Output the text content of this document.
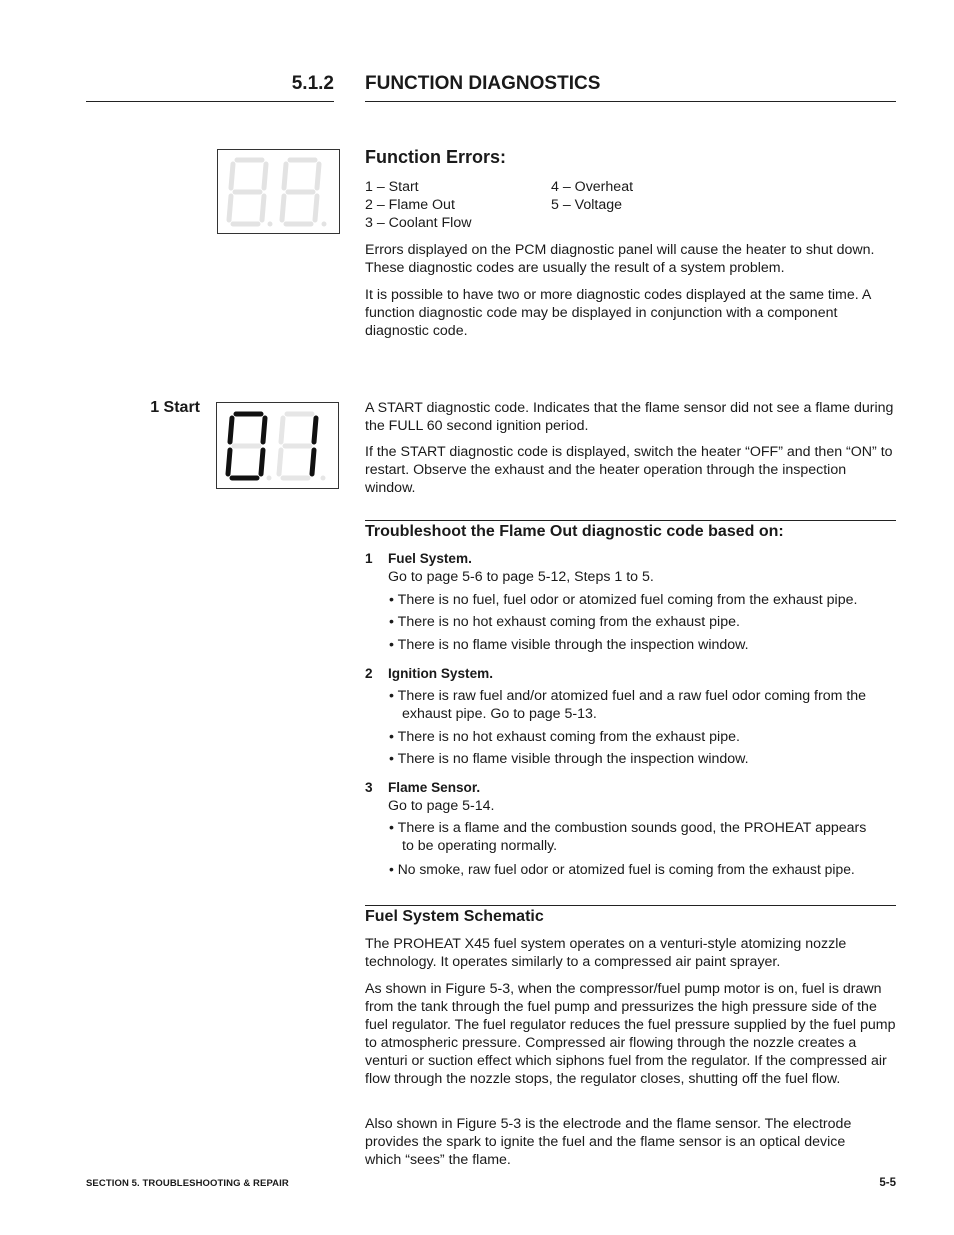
5.1.2 FUNCTION DIAGNOSTICS
Function Errors:
1 – Start
2 – Flame Out
3 – Coolant Flow
4 – Overheat
5 – Voltage
Errors displayed on the PCM diagnostic panel will cause the heater to shut down. These diagnostic codes are usually the result of a system problem.
It is possible to have two or more diagnostic codes displayed at the same time. A function diagnostic code may be displayed in conjunction with a component diagnostic code.
1 Start	A START diagnostic code. Indicates that the flame sensor did not see a flame during the FULL 60 second ignition period.
If the START diagnostic code is displayed, switch the heater “OFF” and then “ON” to restart. Observe the exhaust and the heater operation through the inspection window.
Troubleshoot the Flame Out diagnostic code based on:
1 Fuel System.
Go to page 5-6 to page 5-12, Steps 1 to 5.
• There is no fuel, fuel odor or atomized fuel coming from the exhaust pipe.
• There is no hot exhaust coming from the exhaust pipe.
• There is no flame visible through the inspection window.
2 Ignition System.
• There is raw fuel and/or atomized fuel and a raw fuel odor coming from the exhaust pipe. Go to page 5-13.
• There is no hot exhaust coming from the exhaust pipe.
• There is no flame visible through the inspection window.
3 Flame Sensor.
Go to page 5-14.
• There is a flame and the combustion sounds good, the PROHEAT appears to be operating normally.
• No smoke, raw fuel odor or atomized fuel is coming from the exhaust pipe.
Fuel System Schematic
The PROHEAT X45 fuel system operates on a venturi-style atomizing nozzle technology. It operates similarly to a compressed air paint sprayer.
As shown in Figure 5-3, when the compressor/fuel pump motor is on, fuel is drawn from the tank through the fuel pump and pressurizes the high pressure side of the fuel regulator. The fuel regulator reduces the fuel pressure supplied by the fuel pump to atmospheric pressure. Compressed air flowing through the nozzle creates a venturi or suction effect which siphons fuel from the regulator. If the compressed air flow through the nozzle stops, the regulator closes, shutting off the fuel flow.
Also shown in Figure 5-3 is the electrode and the flame sensor. The electrode provides the spark to ignite the fuel and the flame sensor is an optical device which “sees” the flame.
SECTION 5. TROUBLESHOOTING & REPAIR	5-5
